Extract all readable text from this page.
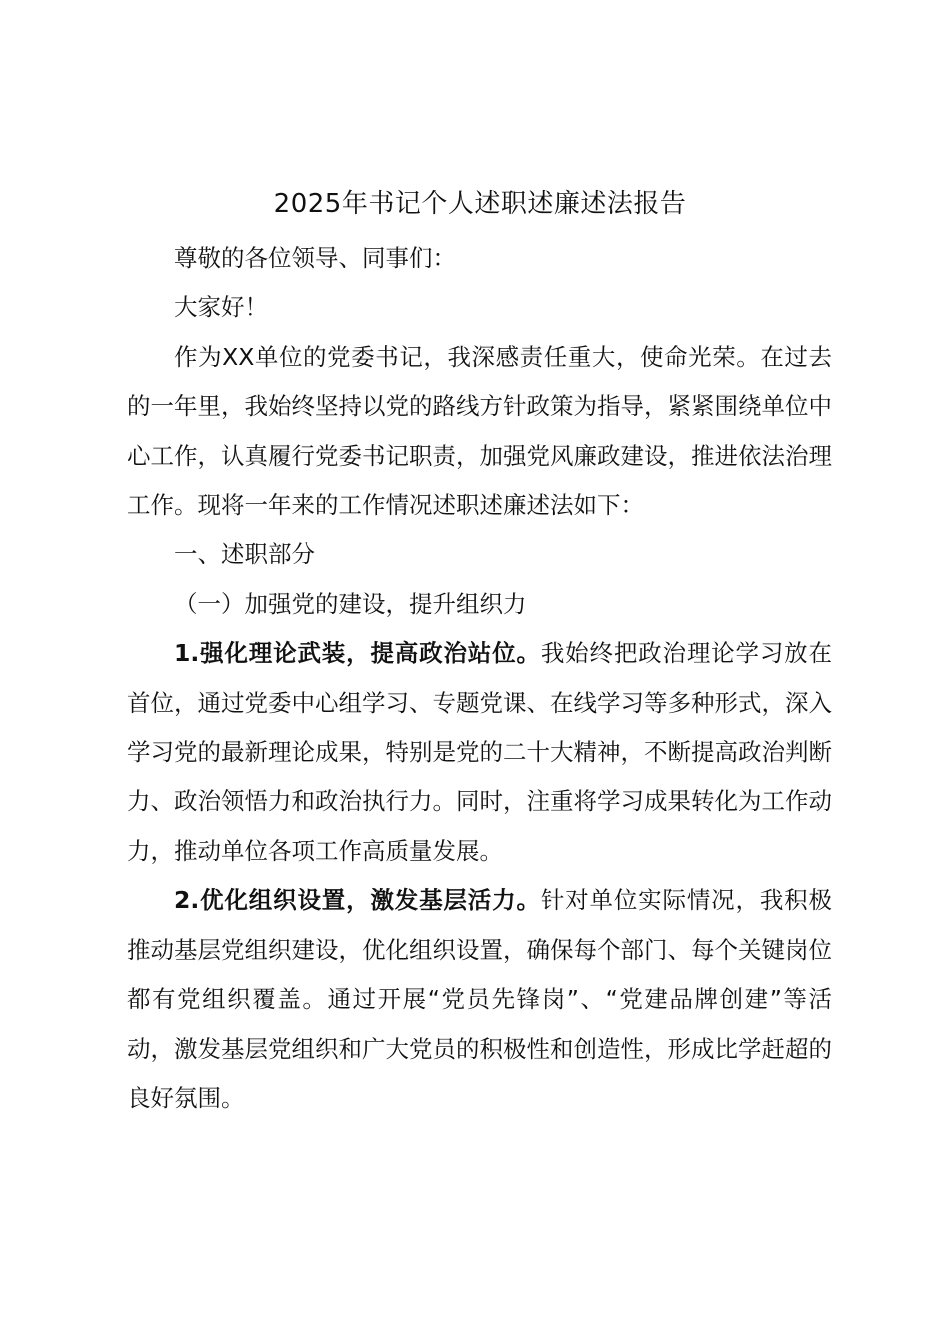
2025年书记个人述职述廉述法报告

尊敬的各位领导、同事们：

大家好！

作为XX单位的党委书记，我深感责任重大，使命光荣。在过去的一年里，我始终坚持以党的路线方针政策为指导，紧紧围绕单位中心工作，认真履行党委书记职责，加强党风廉政建设，推进依法治理工作。现将一年来的工作情况述职述廉述法如下：

一、述职部分

（一）加强党的建设，提升组织力

1.强化理论武装，提高政治站位。我始终把政治理论学习放在首位，通过党委中心组学习、专题党课、在线学习等多种形式，深入学习党的最新理论成果，特别是党的二十大精神，不断提高政治判断力、政治领悟力和政治执行力。同时，注重将学习成果转化为工作动力，推动单位各项工作高质量发展。

2.优化组织设置，激发基层活力。针对单位实际情况，我积极推动基层党组织建设，优化组织设置，确保每个部门、每个关键岗位都有党组织覆盖。通过开展“党员先锋岗”、“党建品牌创建”等活动，激发基层党组织和广大党员的积极性和创造性，形成比学赶超的良好氛围。
